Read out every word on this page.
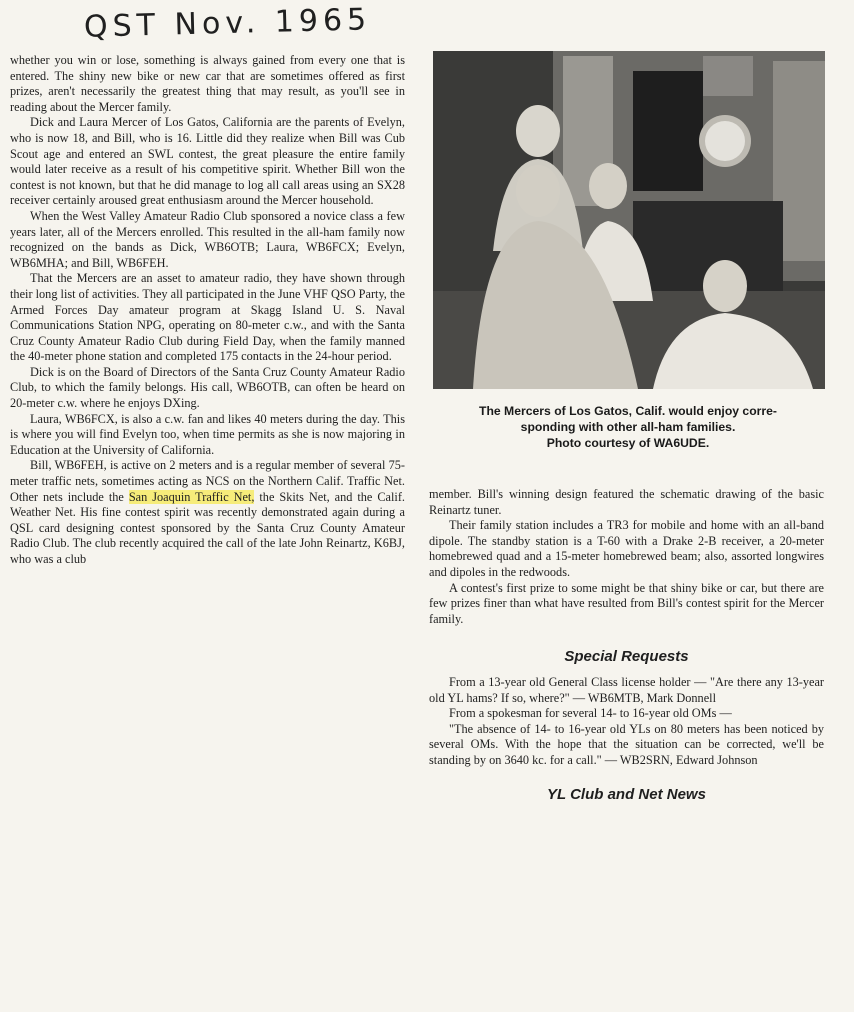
QST Nov. 1965

whether you win or lose, something is always gained from every one that is entered. The shiny new bike or new car that are sometimes offered as first prizes, aren't necessarily the greatest thing that may result, as you'll see in reading about the Mercer family.

Dick and Laura Mercer of Los Gatos, California are the parents of Evelyn, who is now 18, and Bill, who is 16. Little did they realize when Bill was Cub Scout age and entered an SWL contest, the great pleasure the entire family would later receive as a result of his competitive spirit. Whether Bill won the contest is not known, but that he did manage to log all call areas using an SX28 receiver certainly aroused great enthusiasm around the Mercer household.

When the West Valley Amateur Radio Club sponsored a novice class a few years later, all of the Mercers enrolled. This resulted in the all-ham family now recognized on the bands as Dick, WB6OTB; Laura, WB6FCX; Evelyn, WB6MHA; and Bill, WB6FEH.

That the Mercers are an asset to amateur radio, they have shown through their long list of activities. They all participated in the June VHF QSO Party, the Armed Forces Day amateur program at Skagg Island U. S. Naval Communications Station NPG, operating on 80-meter c.w., and with the Santa Cruz County Amateur Radio Club during Field Day, when the family manned the 40-meter phone station and completed 175 contacts in the 24-hour period.

Dick is on the Board of Directors of the Santa Cruz County Amateur Radio Club, to which the family belongs. His call, WB6OTB, can often be heard on 20-meter c.w. where he enjoys DXing.

Laura, WB6FCX, is also a c.w. fan and likes 40 meters during the day. This is where you will find Evelyn too, when time permits as she is now majoring in Education at the University of California.

Bill, WB6FEH, is active on 2 meters and is a regular member of several 75-meter traffic nets, sometimes acting as NCS on the Northern Calif. Traffic Net. Other nets include the San Joaquin Traffic Net, the Skits Net, and the Calif. Weather Net. His fine contest spirit was recently demonstrated again during a QSL card designing contest sponsored by the Santa Cruz County Amateur Radio Club. The club recently acquired the call of the late John Reinartz, K6BJ, who was a club

The Mercers of Los Gatos, Calif. would enjoy corre-
sponding with other all-ham families.
Photo courtesy of WA6UDE.

member. Bill's winning design featured the schematic drawing of the basic Reinartz tuner.

Their family station includes a TR3 for mobile and home with an all-band dipole. The standby station is a T-60 with a Drake 2-B receiver, a 20-meter homebrewed quad and a 15-meter homebrewed beam; also, assorted longwires and dipoles in the redwoods.

A contest's first prize to some might be that shiny bike or car, but there are few prizes finer than what have resulted from Bill's contest spirit for the Mercer family.

Special Requests

From a 13-year old General Class license holder — "Are there any 13-year old YL hams? If so, where?" — WB6MTB, Mark Donnell

From a spokesman for several 14- to 16-year old OMs —

"The absence of 14- to 16-year old YLs on 80 meters has been noticed by several OMs. With the hope that the situation can be corrected, we'll be standing by on 3640 kc. for a call." — WB2SRN, Edward Johnson

YL Club and Net News
